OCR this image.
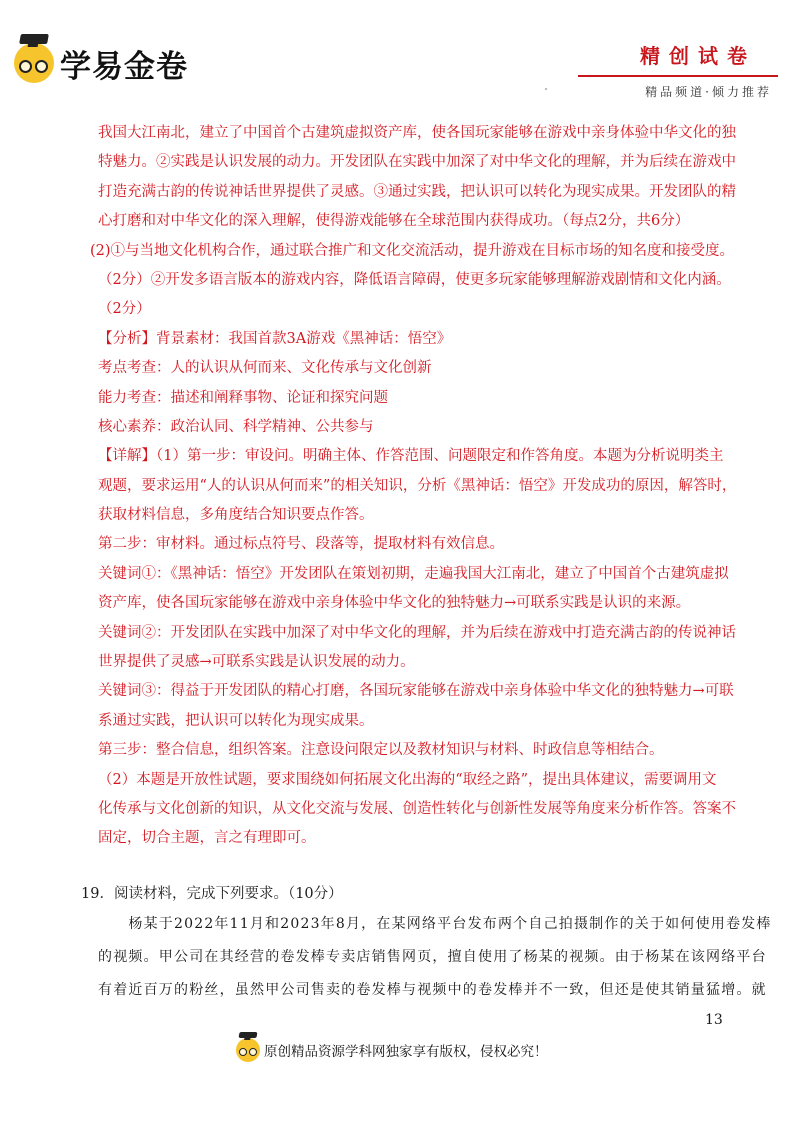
学易金卷	精创试卷
精品频道·倾力推荐
我国大江南北，建立了中国首个古建筑虚拟资产库，使各国玩家能够在游戏中亲身体验中华文化的独
特魅力。②实践是认识发展的动力。开发团队在实践中加深了对中华文化的理解，并为后续在游戏中
打造充满古韵的传说神话世界提供了灵感。③通过实践，把认识可以转化为现实成果。开发团队的精
心打磨和对中华文化的深入理解，使得游戏能够在全球范围内获得成功。（每点2分，共6分）
(2)①与当地文化机构合作，通过联合推广和文化交流活动，提升游戏在目标市场的知名度和接受度。
（2分）②开发多语言版本的游戏内容，降低语言障碍，使更多玩家能够理解游戏剧情和文化内涵。
（2分）
【分析】背景素材：我国首款3A游戏《黑神话：悟空》
考点考查：人的认识从何而来、文化传承与文化创新
能力考查：描述和阐释事物、论证和探究问题
核心素养：政治认同、科学精神、公共参与
【详解】（1）第一步：审设问。明确主体、作答范围、问题限定和作答角度。本题为分析说明类主
观题，要求运用“人的认识从何而来”的相关知识，分析《黑神话：悟空》开发成功的原因，解答时，
获取材料信息，多角度结合知识要点作答。
第二步：审材料。通过标点符号、段落等，提取材料有效信息。
关键词①：《黑神话：悟空》开发团队在策划初期，走遍我国大江南北，建立了中国首个古建筑虚拟
资产库，使各国玩家能够在游戏中亲身体验中华文化的独特魅力→可联系实践是认识的来源。
关键词②：开发团队在实践中加深了对中华文化的理解，并为后续在游戏中打造充满古韵的传说神话
世界提供了灵感→可联系实践是认识发展的动力。
关键词③：得益于开发团队的精心打磨，各国玩家能够在游戏中亲身体验中华文化的独特魅力→可联
系通过实践，把认识可以转化为现实成果。
第三步：整合信息，组织答案。注意设问限定以及教材知识与材料、时政信息等相结合。
（2）本题是开放性试题，要求围绕如何拓展文化出海的“取经之路”，提出具体建议，需要调用文
化传承与文化创新的知识，从文化交流与发展、创造性转化与创新性发展等角度来分析作答。答案不
固定，切合主题，言之有理即可。
19．阅读材料，完成下列要求。（10分）
　　杨某于2022年11月和2023年8月，在某网络平台发布两个自己拍摄制作的关于如何使用卷发棒
的视频。甲公司在其经营的卷发棒专卖店销售网页，擅自使用了杨某的视频。由于杨某在该网络平台
有着近百万的粉丝，虽然甲公司售卖的卷发棒与视频中的卷发棒并不一致，但还是使其销量猛增。就
13
原创精品资源学科网独家享有版权，侵权必究！
